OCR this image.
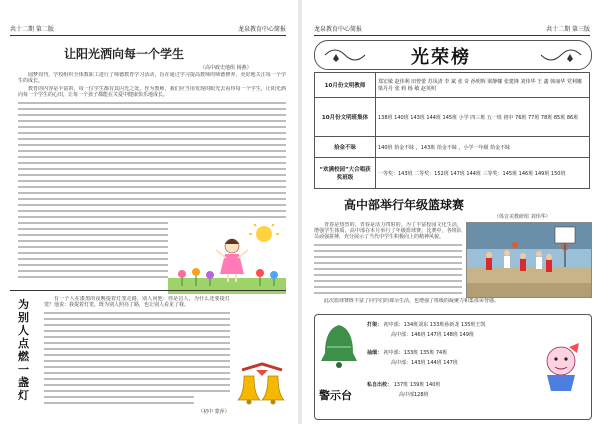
共十二期 第二版	龙泉教育中心简报
让阳光洒向每一个学生
（高中政史地组 杨燕）

圆梦周刊，学校组织全体教职工进行了师德教育学习活动，旨在通过学习提高教师的师德修养，更好地关注每一个学生的成长。

教育的内容是丰富的，每一位学生都有其闪光之处。作为教师，我们应当用发现的眼光去看待每一个学生，让阳光洒向每一个学生的心田，让每一个孩子都能在关爱中健康快乐地成长。

为别人点燃一盏灯

有一个人在漆黑的夜晚提着灯笼走路，别人问他：你是盲人，为什么还要提灯笼？他说：我提着灯笼，既为别人照亮了路，也让别人看见了我。

（初中 蒙萍）
龙泉教育中心简报	共十二期 第三版
光荣榜
10月份文明教师	郑宏敏 赵伟利 田曾蕾 苏凤清 李 斌 张 奇 孙明辉 梁静娜 张建锋 刘伟华 王 鑫 韩丽华 党利娜 梁丹丹 张 莉 杨 敏 赵英明
10月份文明班集体	138班 140班 143班 144班 145班 小学 四三班 五一班 初中 76班 77班 78班 85班 86班
拾金不昧	140班 拾金不昧 ，143班 拾金不昧 ，小学一年级 拾金不昧
“欢满校园”大合唱获奖班级	一等奖：143班 二等奖：152班 147班 144班 三等奖：145班 146班 149班 150班
高中部举行年级篮球赛
（体音美教研组 刘伟华）

青春是热烈的，青春是活力四射的。为了丰富校园文化生活，增强学生体质，高中部在本月举行了年级篮球赛。比赛中，各班队员顽强拼搏，充分展示了当代中学生积极向上的精神风貌。

此次篮球赛既丰富了同学们的课余生活，也增强了班级的凝聚力和集体荣誉感。

警示台
打架： 初中部：134班刘东 133班孙新龙 135班王凯
高中部：146班 147班 148班 149班
抽烟： 初中部：133班 135班 74班
高中部：143班 144班 147班
私自出校： 137班 139班 140班
高中部128班
